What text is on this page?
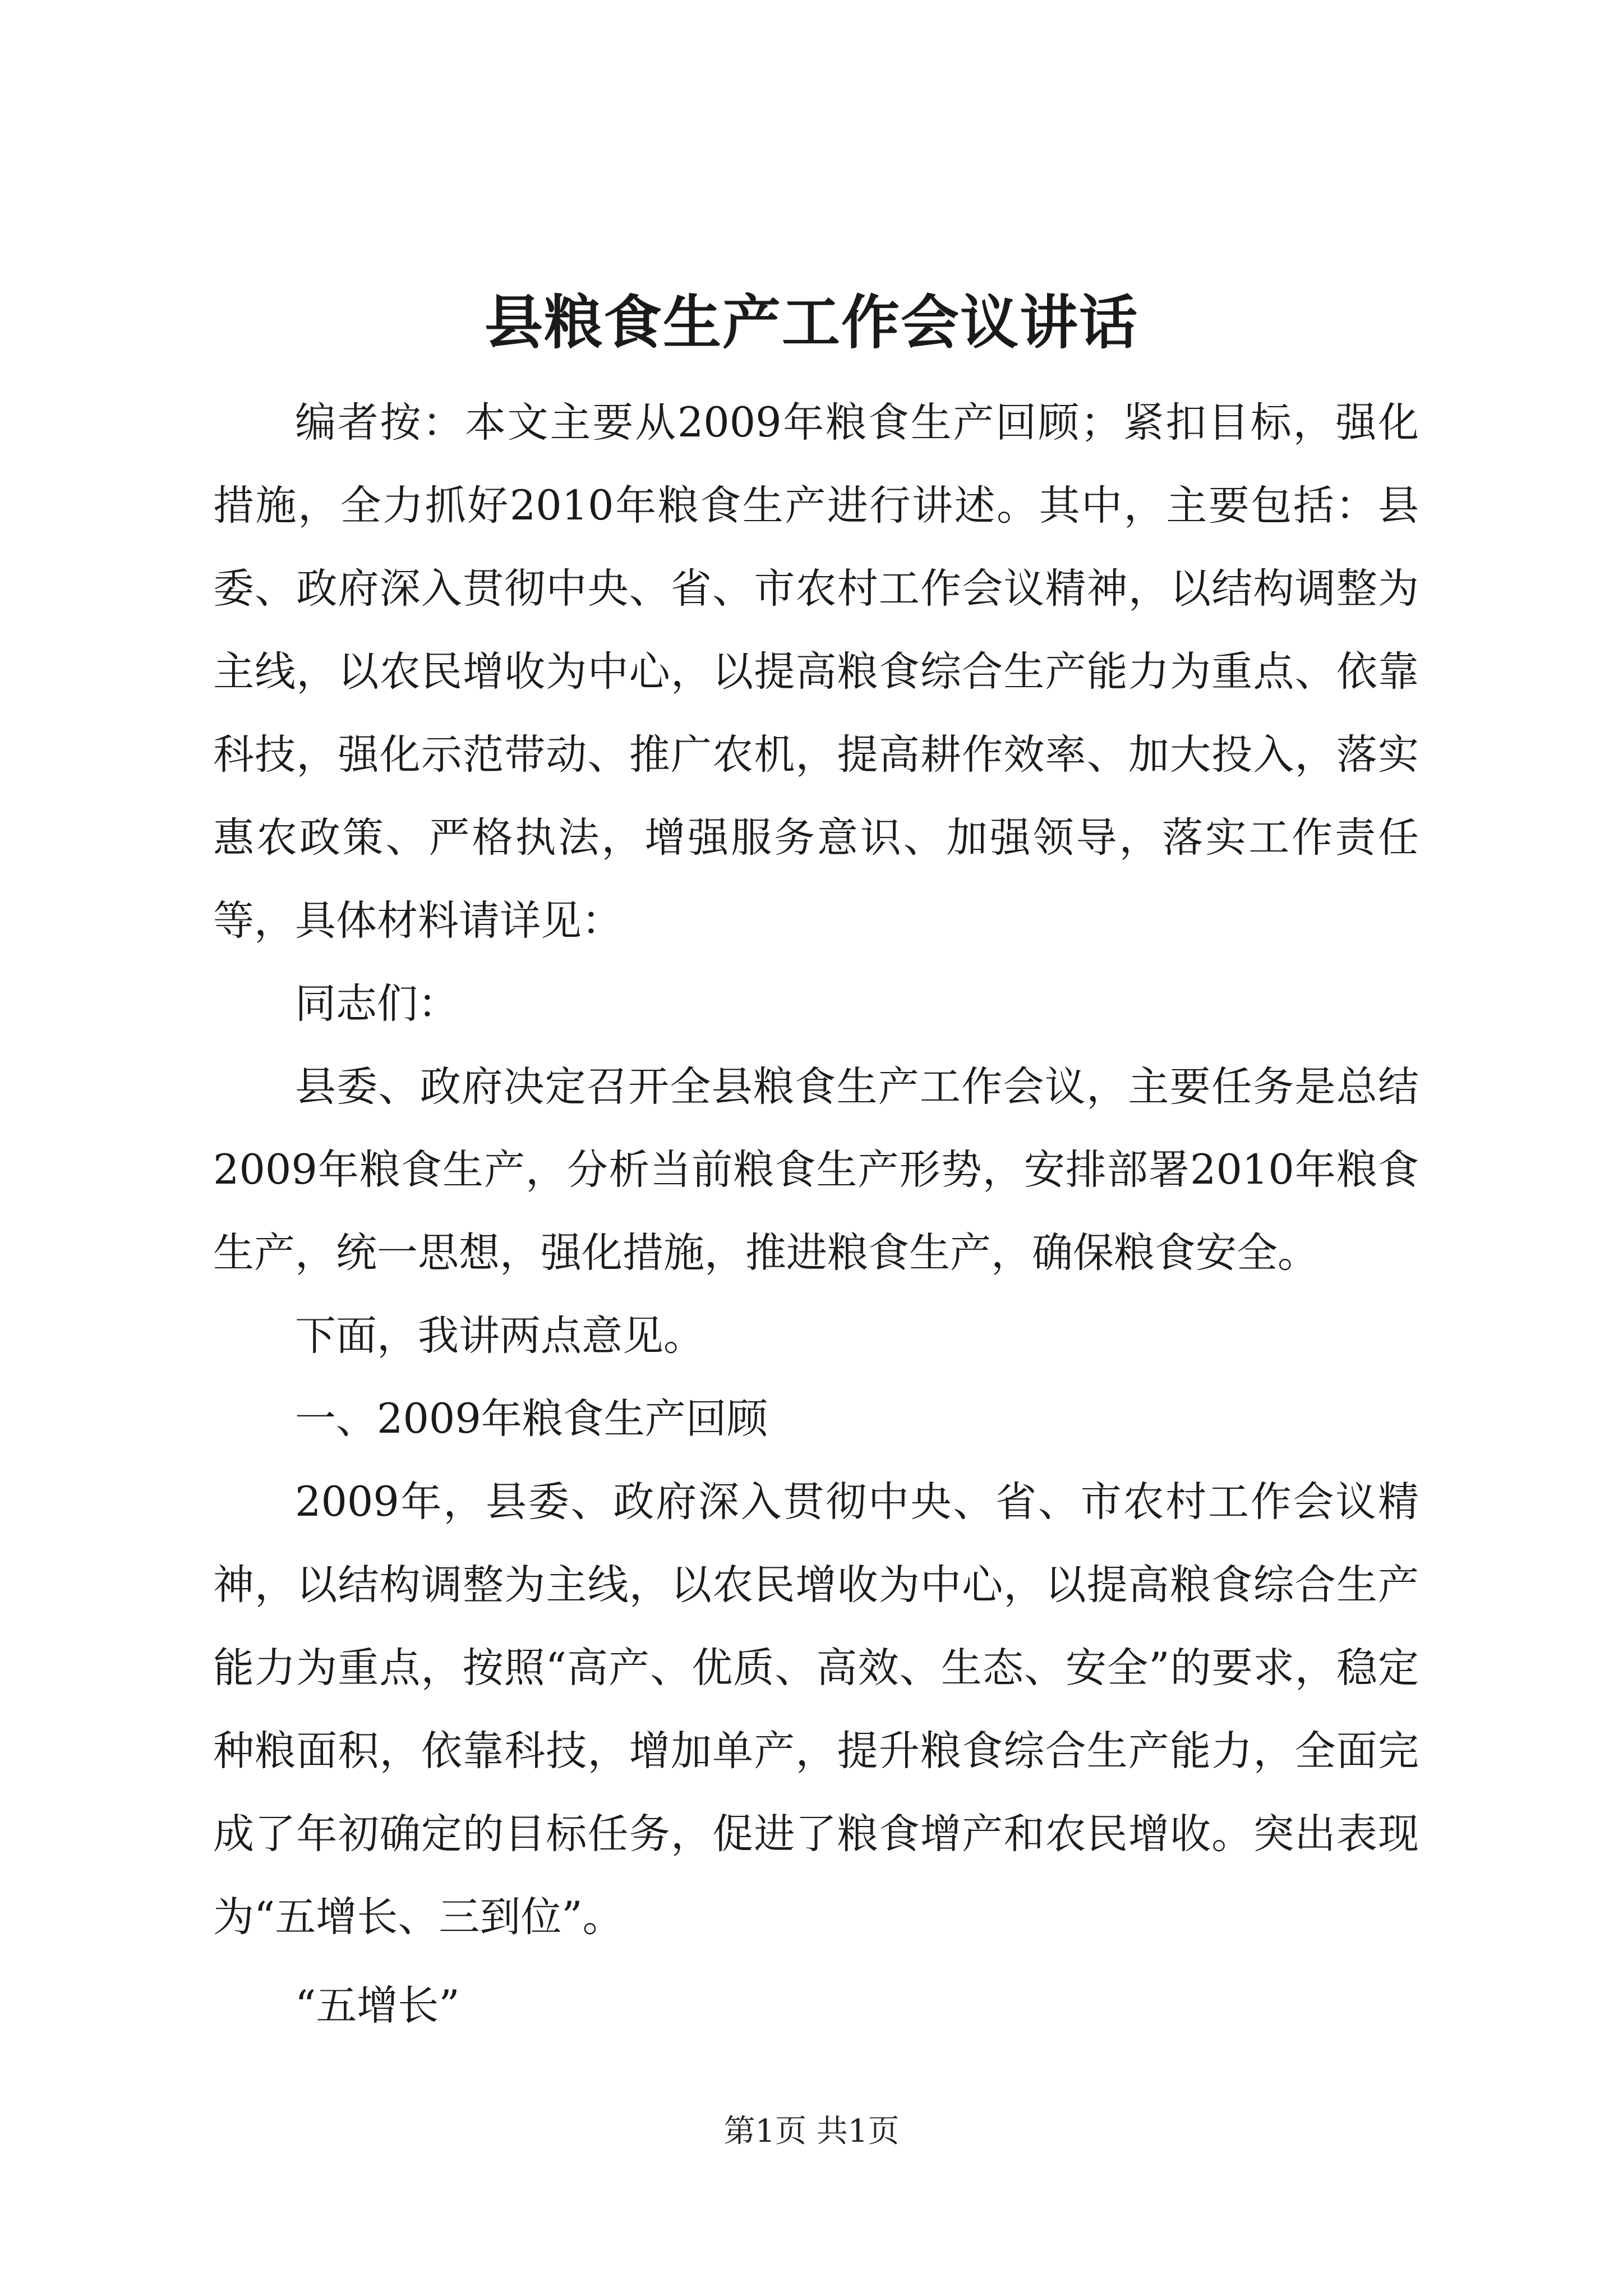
县粮食生产工作会议讲话

编者按：本文主要从2009年粮食生产回顾；紧扣目标，强化措施，全力抓好2010年粮食生产进行讲述。其中，主要包括：县委、政府深入贯彻中央、省、市农村工作会议精神，以结构调整为主线，以农民增收为中心，以提高粮食综合生产能力为重点、依靠科技，强化示范带动、推广农机，提高耕作效率、加大投入，落实惠农政策、严格执法，增强服务意识、加强领导，落实工作责任等，具体材料请详见：

同志们：

县委、政府决定召开全县粮食生产工作会议，主要任务是总结2009年粮食生产，分析当前粮食生产形势，安排部署2010年粮食生产，统一思想，强化措施，推进粮食生产，确保粮食安全。

下面，我讲两点意见。

一、2009年粮食生产回顾

2009年，县委、政府深入贯彻中央、省、市农村工作会议精神，以结构调整为主线，以农民增收为中心，以提高粮食综合生产能力为重点，按照“高产、优质、高效、生态、安全”的要求，稳定种粮面积，依靠科技，增加单产，提升粮食综合生产能力，全面完成了年初确定的目标任务，促进了粮食增产和农民增收。突出表现为“五增长、三到位”。

“五增长”

第1页 共1页
